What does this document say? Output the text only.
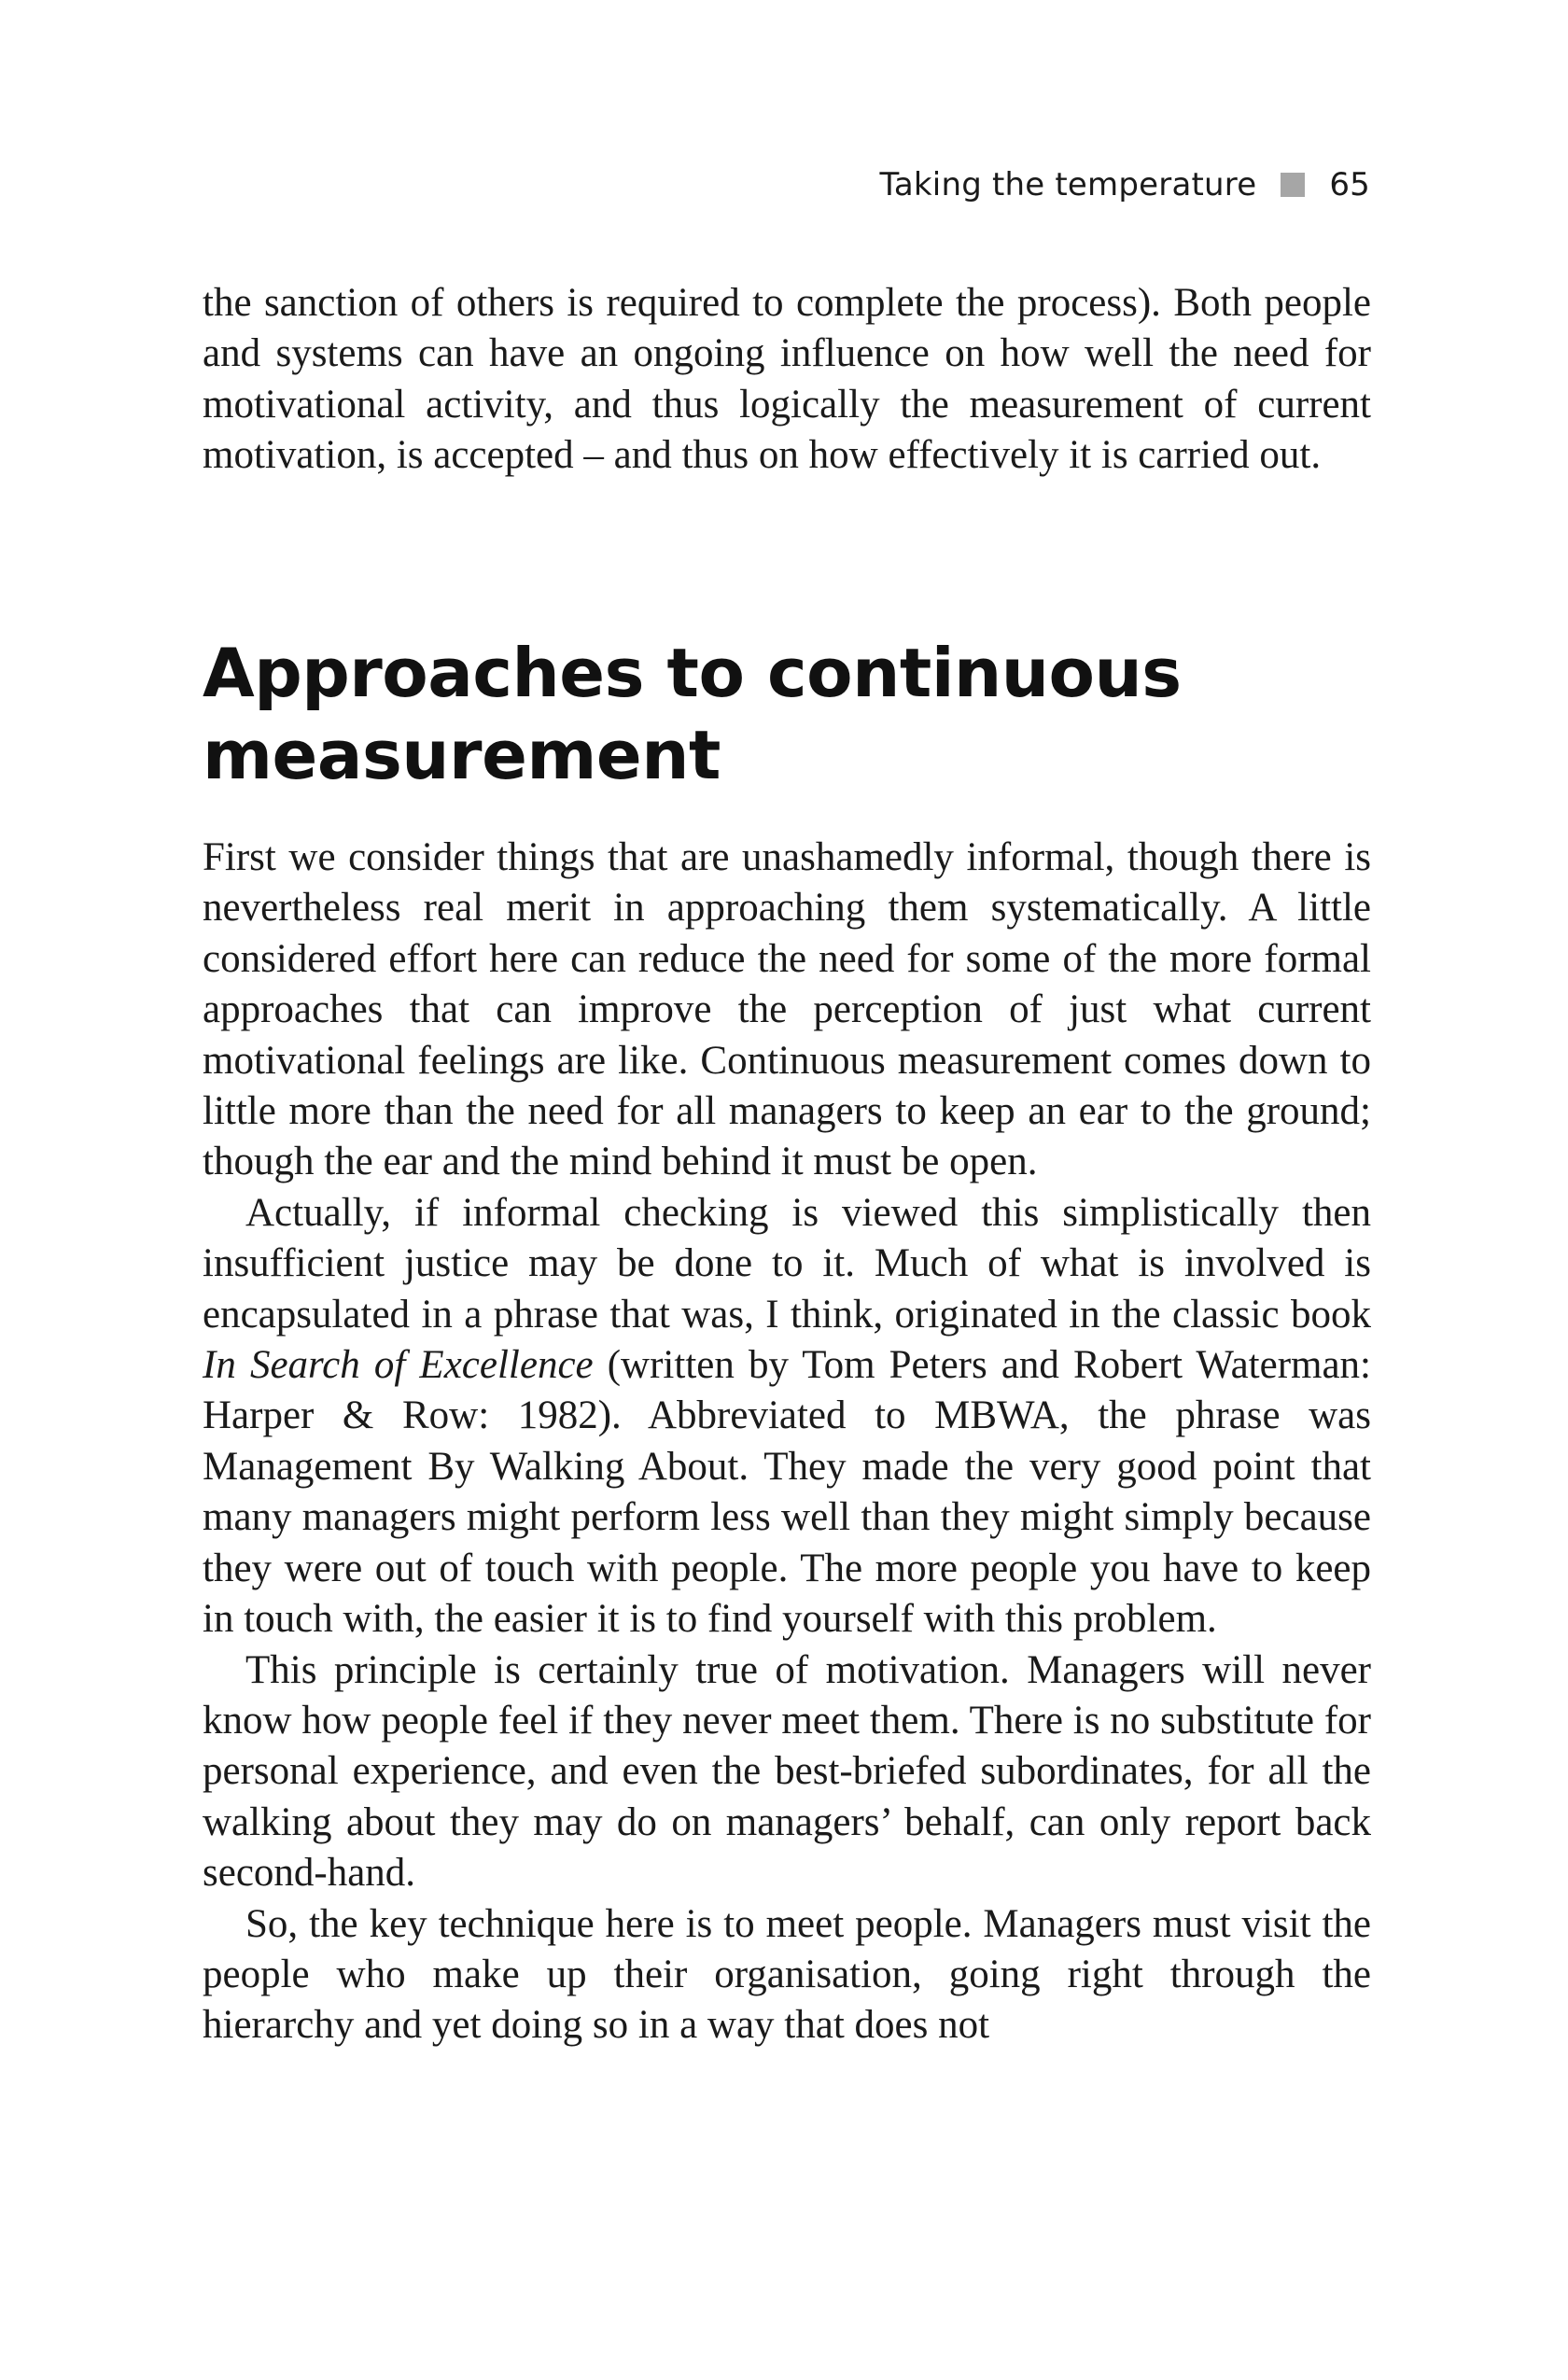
Taking the temperature 65

the sanction of others is required to complete the process). Both people and systems can have an ongoing influence on how well the need for motivational activity, and thus logically the measurement of current motivation, is accepted – and thus on how effectively it is carried out.

Approaches to continuous measurement

First we consider things that are unashamedly informal, though there is nevertheless real merit in approaching them systematically. A little considered effort here can reduce the need for some of the more formal approaches that can improve the perception of just what current motivational feelings are like. Continuous measurement comes down to little more than the need for all managers to keep an ear to the ground; though the ear and the mind behind it must be open.

Actually, if informal checking is viewed this simplistically then insufficient justice may be done to it. Much of what is involved is encapsulated in a phrase that was, I think, originated in the classic book In Search of Excellence (written by Tom Peters and Robert Waterman: Harper & Row: 1982). Abbreviated to MBWA, the phrase was Management By Walking About. They made the very good point that many managers might perform less well than they might simply because they were out of touch with people. The more people you have to keep in touch with, the easier it is to find yourself with this problem.

This principle is certainly true of motivation. Managers will never know how people feel if they never meet them. There is no substitute for personal experience, and even the best-briefed subordinates, for all the walking about they may do on managers’ behalf, can only report back second-hand.

So, the key technique here is to meet people. Managers must visit the people who make up their organisation, going right through the hierarchy and yet doing so in a way that does not
